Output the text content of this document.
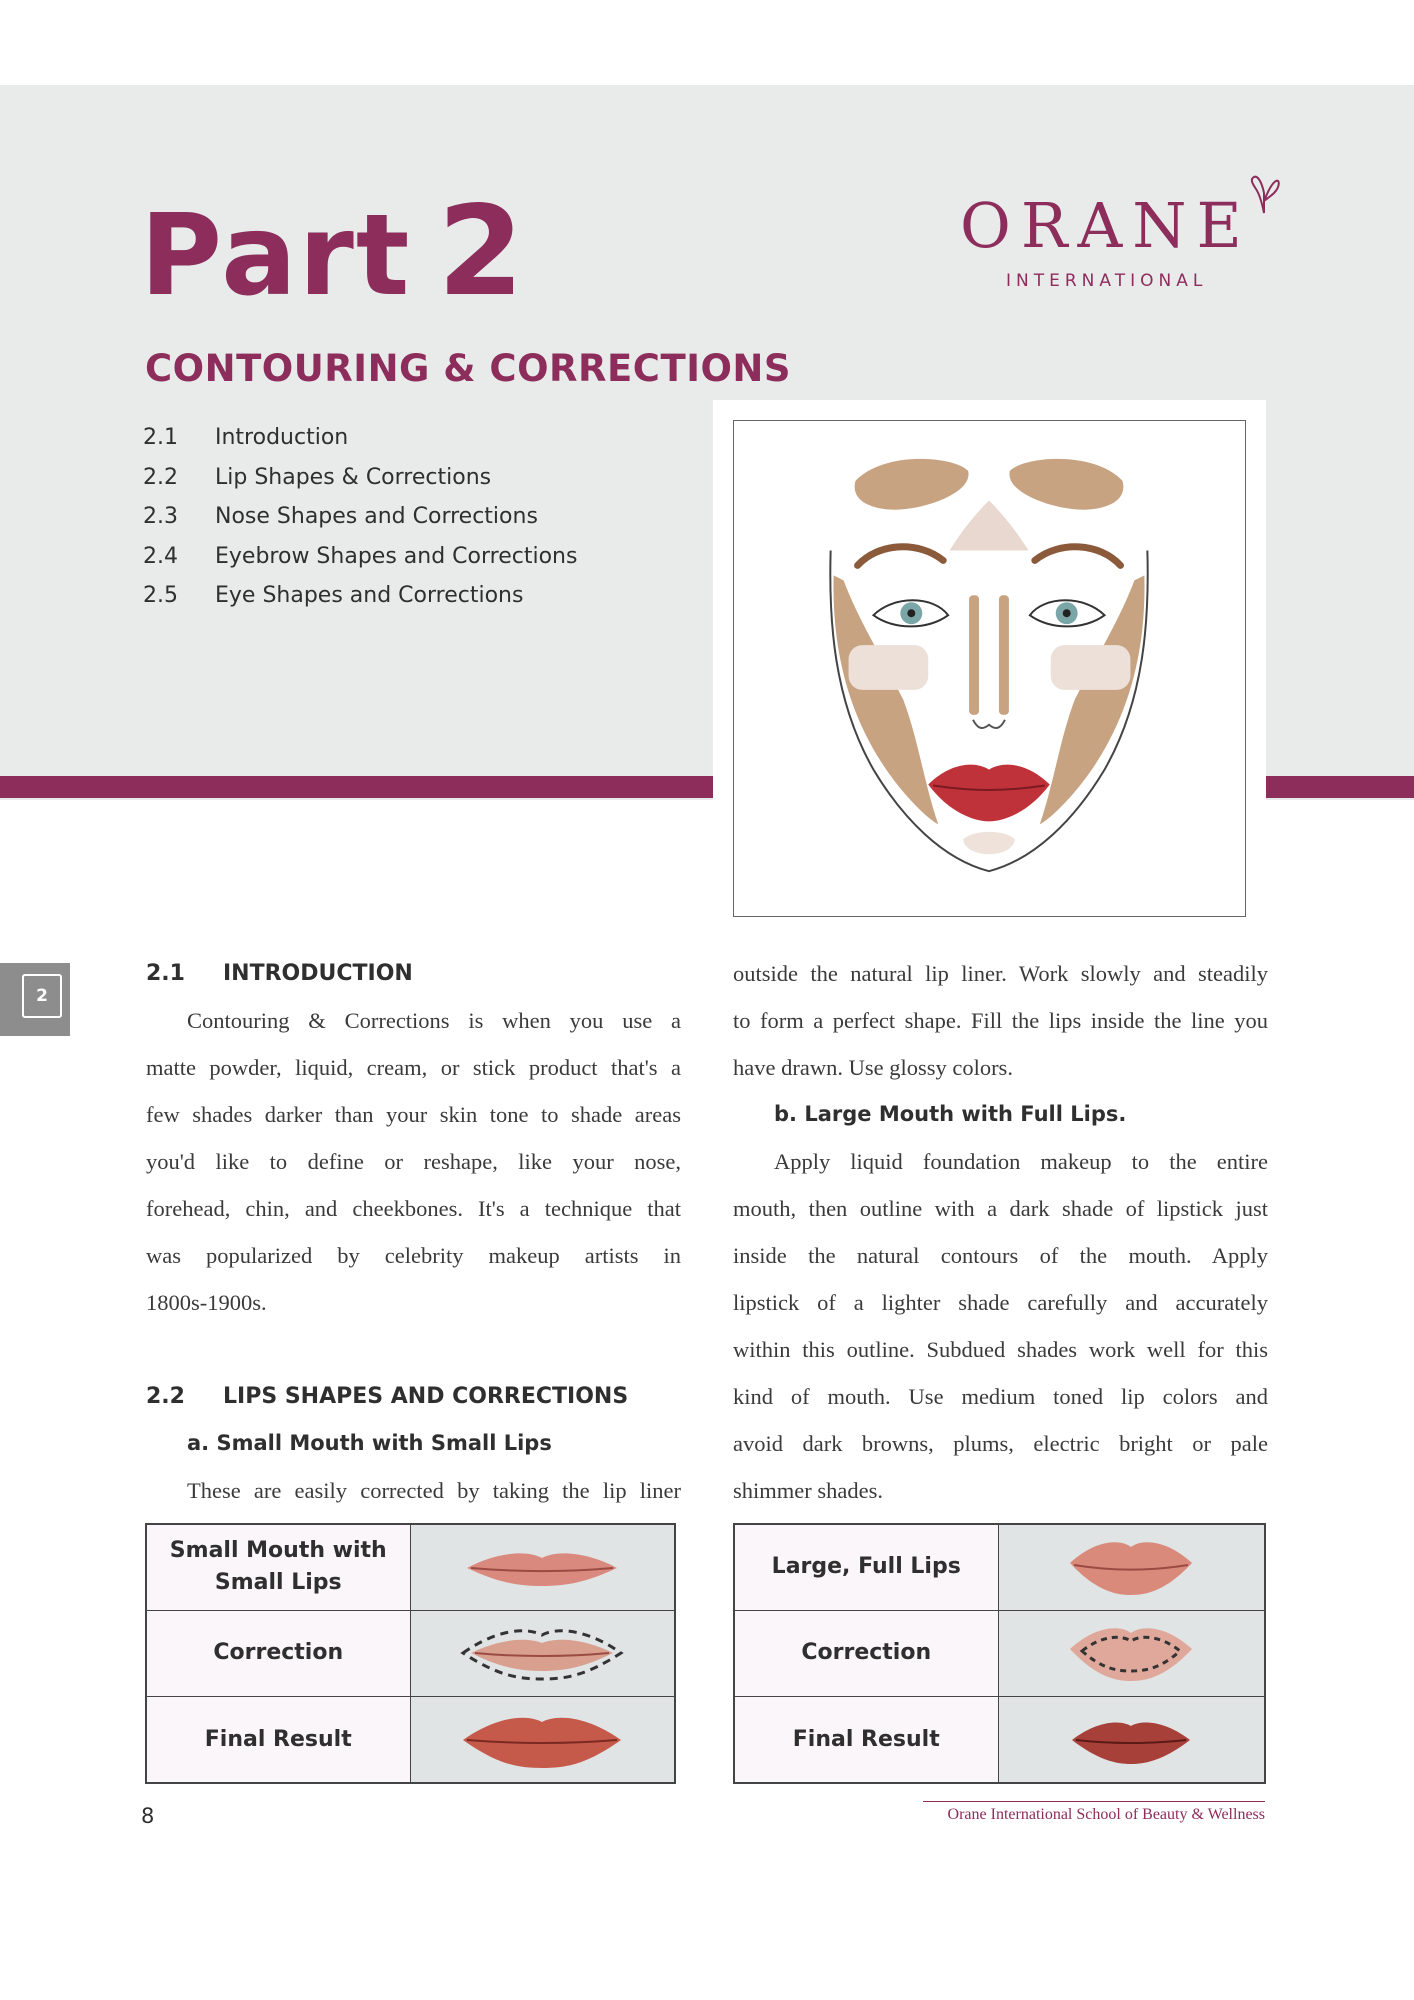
Part 2	ORANE
INTERNATIONAL
CONTOURING & CORRECTIONS
2.1	Introduction
2.2	Lip Shapes & Corrections
2.3	Nose Shapes and Corrections
2.4	Eyebrow Shapes and Corrections
2.5	Eye Shapes and Corrections
2
2.1 INTRODUCTION
Contouring & Corrections is when you use a
matte powder, liquid, cream, or stick product that's a
few shades darker than your skin tone to shade areas
you'd like to define or reshape, like your nose,
forehead, chin, and cheekbones. It's a technique that
was popularized by celebrity makeup artists in
1800s-1900s.
2.2 LIPS SHAPES AND CORRECTIONS
a. Small Mouth with Small Lips
These are easily corrected by taking the lip liner
outside the natural lip liner. Work slowly and steadily
to form a perfect shape. Fill the lips inside the line you
have drawn. Use glossy colors.
b. Large Mouth with Full Lips.
Apply liquid foundation makeup to the entire
mouth, then outline with a dark shade of lipstick just
inside the natural contours of the mouth. Apply
lipstick of a lighter shade carefully and accurately
within this outline. Subdued shades work well for this
kind of mouth. Use medium toned lip colors and
avoid dark browns, plums, electric bright or pale
shimmer shades.
Small Mouth with
Small Lips

Correction

Final Result

Large, Full Lips

Correction

Final Result

8	Orane International School of Beauty & Wellness
